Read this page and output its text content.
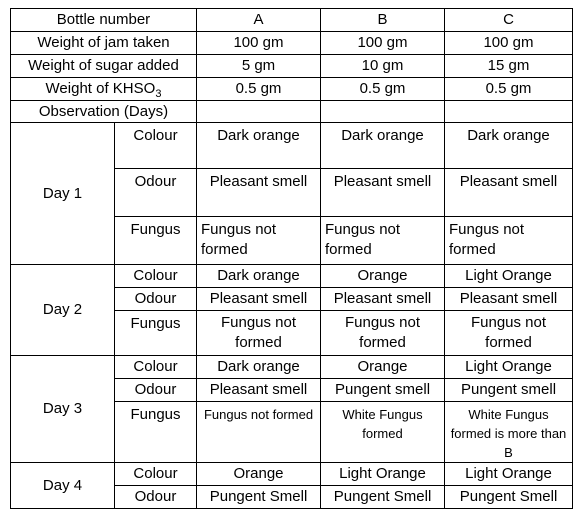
Bottle number		A	B	C
Weight of jam taken		100 gm	100 gm	100 gm
Weight of sugar added		5 gm	10 gm	15 gm
Weight of $KHSO_3$		0.5 gm	0.5 gm	0.5 gm
Observation (Days)				
Day 1	Colour	Dark orange	Dark orange	Dark orange
	Odour	Pleasant smell	Pleasant smell	Pleasant smell
	Fungus	Fungus not formed	Fungus not formed	Fungus not formed
Day 2	Colour	Dark orange	Orange	Light Orange
	Odour	Pleasant smell	Pleasant smell	Pleasant smell
	Fungus	Fungus not formed	Fungus not formed	Fungus not formed
Day 3	Colour	Dark orange	Orange	Light Orange
	Odour	Pleasant smell	Pungent smell	Pungent smell
	Fungus	Fungus not formed	White Fungus formed	White Fungus formed is more than B
Day 4	Colour	Orange	Light Orange	Light Orange
	Odour	Pungent Smell	Pungent Smell	Pungent Smell
